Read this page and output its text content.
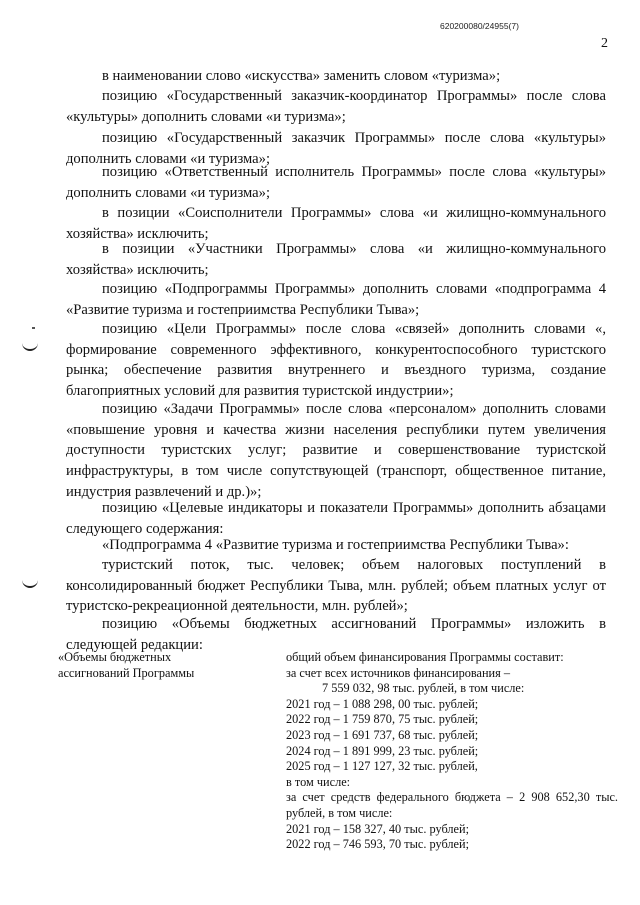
620200080/24955(7)
2

в наименовании слово «искусства» заменить словом «туризма»;

позицию «Государственный заказчик-координатор Программы» после слова «культуры» дополнить словами «и туризма»;

позицию «Государственный заказчик Программы» после слова «культуры» дополнить словами «и туризма»;

позицию «Ответственный исполнитель Программы» после слова «культуры» дополнить словами «и туризма»;

в позиции «Соисполнители Программы» слова «и жилищно-коммунального хозяйства» исключить;

в позиции «Участники Программы» слова «и жилищно-коммунального хозяйства» исключить;

позицию «Подпрограммы Программы» дополнить словами «подпрограмма 4 «Развитие туризма и гостеприимства Республики Тыва»;

позицию «Цели Программы» после слова «связей» дополнить словами «, формирование современного эффективного, конкурентоспособного туристского рынка; обеспечение развития внутреннего и въездного туризма, создание благоприятных условий для развития туристской индустрии»;

позицию «Задачи Программы» после слова «персоналом» дополнить словами «повышение уровня и качества жизни населения республики путем увеличения доступности туристских услуг; развитие и совершенствование туристской инфраструктуры, в том числе сопутствующей (транспорт, общественное питание, индустрия развлечений и др.)»;

позицию «Целевые индикаторы и показатели Программы» дополнить абзацами следующего содержания:

«Подпрограмма 4 «Развитие туризма и гостеприимства Республики Тыва»:

туристский поток, тыс. человек; объем налоговых поступлений в консолидированный бюджет Республики Тыва, млн. рублей; объем платных услуг от туристско-рекреационной деятельности, млн. рублей»;

позицию «Объемы бюджетных ассигнований Программы» изложить в следующей редакции:

«Объемы бюджетных ассигнований Программы
общий объем финансирования Программы составит:
за счет всех источников финансирования –
7 559 032, 98 тыс. рублей, в том числе:
2021 год – 1 088 298, 00 тыс. рублей;
2022 год – 1 759 870, 75 тыс. рублей;
2023 год – 1 691 737, 68 тыс. рублей;
2024 год – 1 891 999, 23 тыс. рублей;
2025 год – 1 127 127, 32 тыс. рублей,
в том числе:
за счет средств федерального бюджета – 2 908 652,30 тыс. рублей, в том числе:
2021 год – 158 327, 40 тыс. рублей;
2022 год – 746 593, 70 тыс. рублей;
